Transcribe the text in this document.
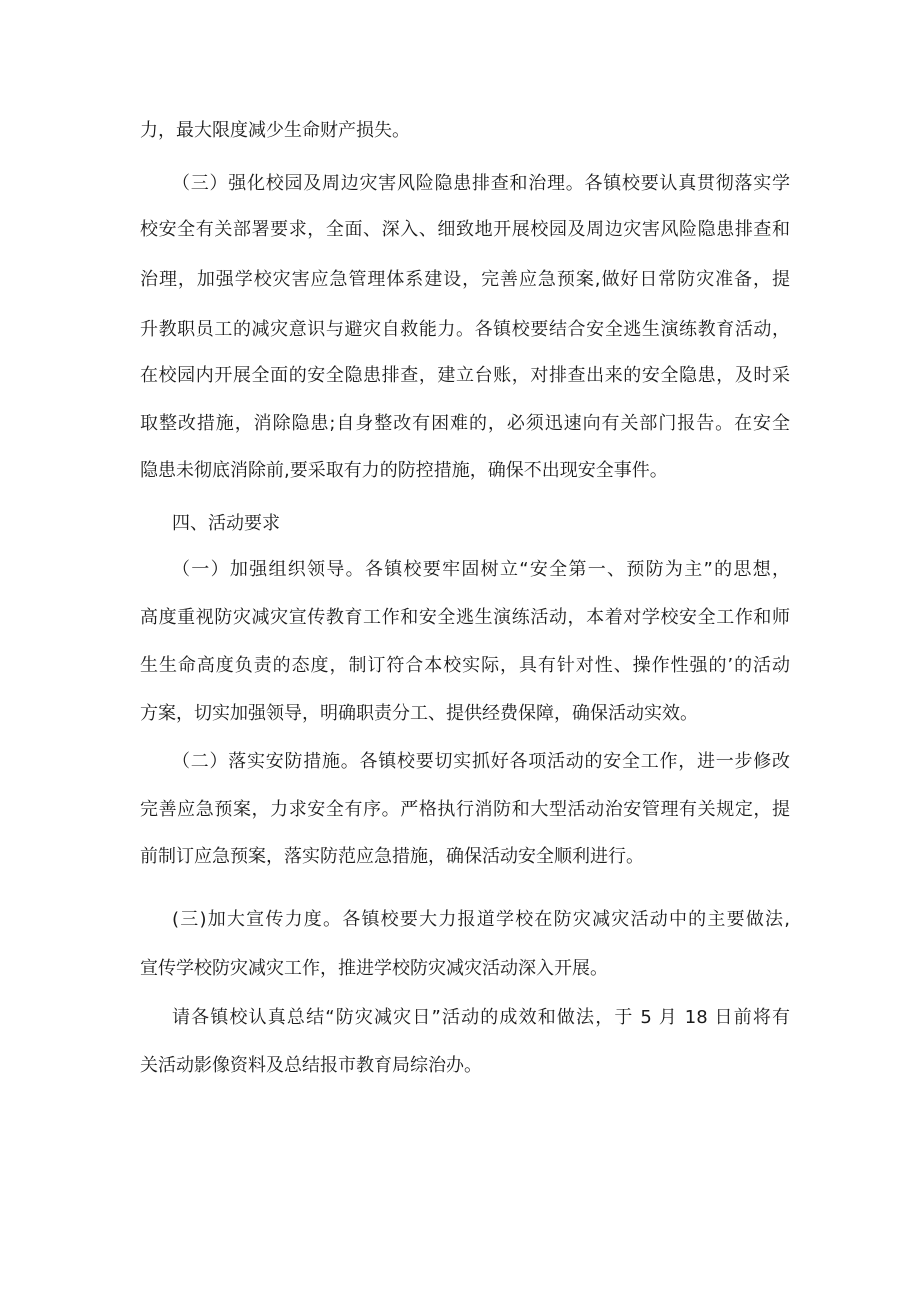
力，最大限度减少生命财产损失。
（三）强化校园及周边灾害风险隐患排查和治理。各镇校要认真贯彻落实学
校安全有关部署要求，全面、深入、细致地开展校园及周边灾害风险隐患排查和
治理，加强学校灾害应急管理体系建设，完善应急预案,做好日常防灾准备，提
升教职员工的减灾意识与避灾自救能力。各镇校要结合安全逃生演练教育活动，
在校园内开展全面的安全隐患排查，建立台账，对排查出来的安全隐患，及时采
取整改措施，消除隐患;自身整改有困难的，必须迅速向有关部门报告。在安全
隐患未彻底消除前,要采取有力的防控措施，确保不出现安全事件。
四、活动要求
（一）加强组织领导。各镇校要牢固树立“安全第一、预防为主”的思想，
高度重视防灾减灾宣传教育工作和安全逃生演练活动，本着对学校安全工作和师
生生命高度负责的态度，制订符合本校实际，具有针对性、操作性强的’的活动
方案，切实加强领导，明确职责分工、提供经费保障，确保活动实效。
（二）落实安防措施。各镇校要切实抓好各项活动的安全工作，进一步修改
完善应急预案，力求安全有序。严格执行消防和大型活动治安管理有关规定，提
前制订应急预案，落实防范应急措施，确保活动安全顺利进行。
(三)加大宣传力度。各镇校要大力报道学校在防灾减灾活动中的主要做法,
宣传学校防灾减灾工作，推进学校防灾减灾活动深入开展。
请各镇校认真总结“防灾减灾日”活动的成效和做法，于 5 月 18 日前将有
关活动影像资料及总结报市教育局综治办。
